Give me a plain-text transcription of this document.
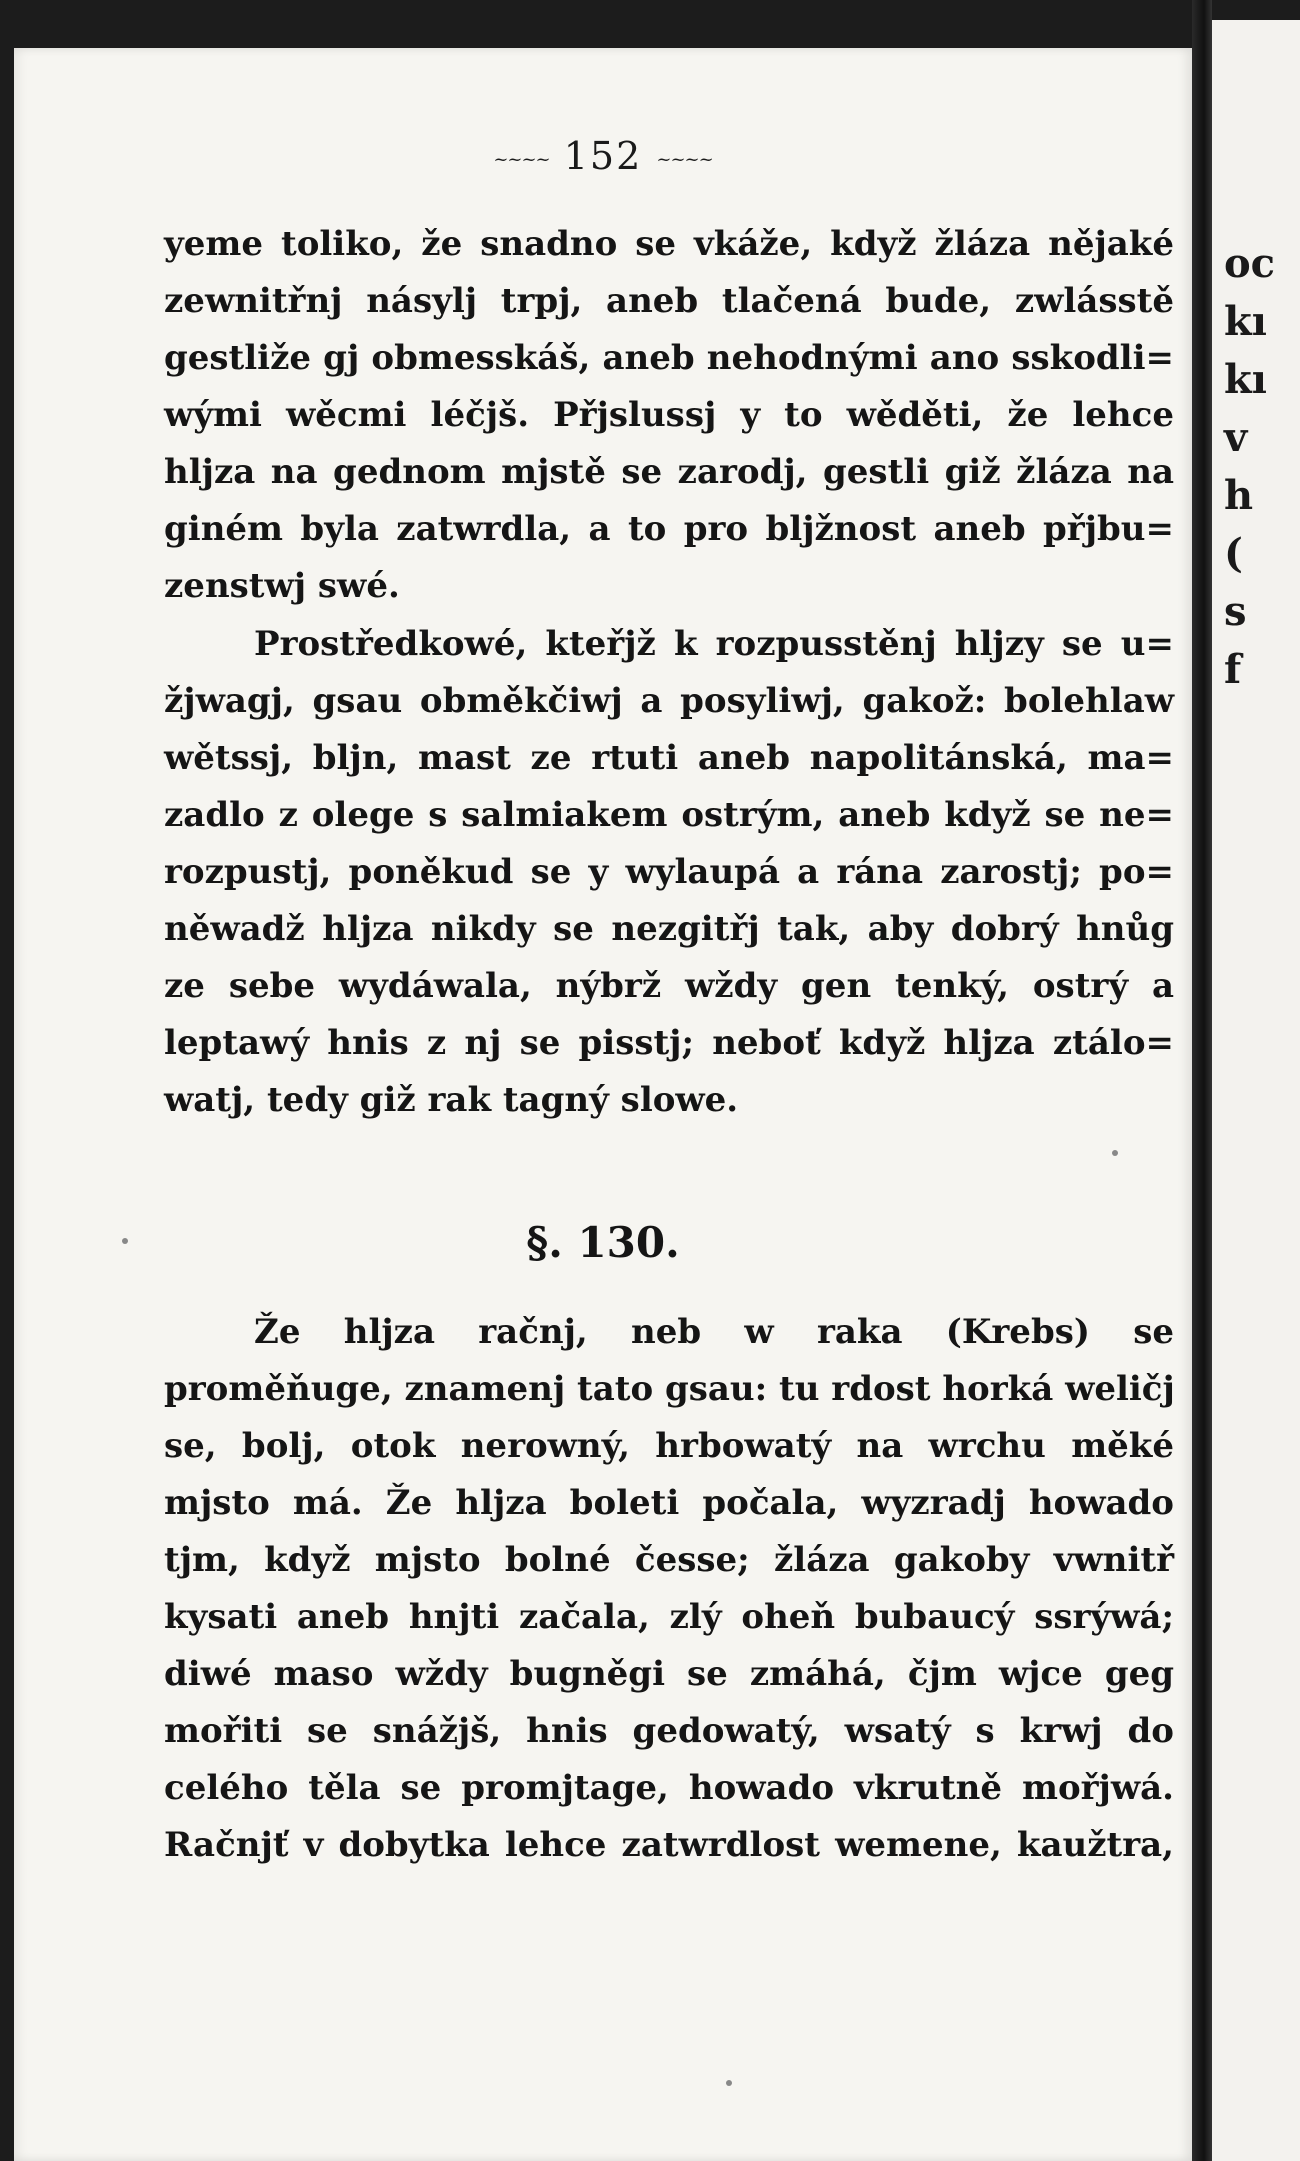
~~~~ 152 ~~~~
yeme toliko, že snadno se vkáže, když žláza nějaké
zewnitřnj násylj trpj, aneb tlačená bude, zwlásstě
gestliže gj obmesskáš, aneb nehodnými ano sskodli=
wými wěcmi léčjš. Přjslussj y to wěděti, že lehce
hljza na gednom mjstě se zarodj, gestli giž žláza na
giném byla zatwrdla, a to pro bljžnost aneb přjbu=
zenstwj swé.
Prostředkowé, kteřjž k rozpusstěnj hljzy se u=
žjwagj, gsau obměkčiwj a posyliwj, gakož: bolehlaw
wětssj, bljn, mast ze rtuti aneb napolitánská, ma=
zadlo z olege s salmiakem ostrým, aneb když se ne=
rozpustj, poněkud se y wylaupá a rána zarostj; po=
něwadž hljza nikdy se nezgitřj tak, aby dobrý hnůg
ze sebe wydáwala, nýbrž wždy gen tenký, ostrý a
leptawý hnis z nj se pisstj; neboť když hljza ztálo=
watj, tedy giž rak tagný slowe.
§. 130.
Že hljza račnj, neb w raka (Krebs) se
proměňuge, znamenj tato gsau: tu rdost horká weličj
se, bolj, otok nerowný, hrbowatý na wrchu měké
mjsto má. Že hljza boleti počala, wyzradj howado
tjm, když mjsto bolné česse; žláza gakoby vwnitř
kysati aneb hnjti začala, zlý oheň bubaucý ssrýwá;
diwé maso wždy bugněgi se zmáhá, čjm wjce geg
mořiti se snážjš, hnis gedowatý, wsatý s krwj do
celého těla se promjtage, howado vkrutně mořjwá.
Račnjť v dobytka lehce zatwrdlost wemene, kaužtra,
oc
kı
kı
v
h
(
s
f
